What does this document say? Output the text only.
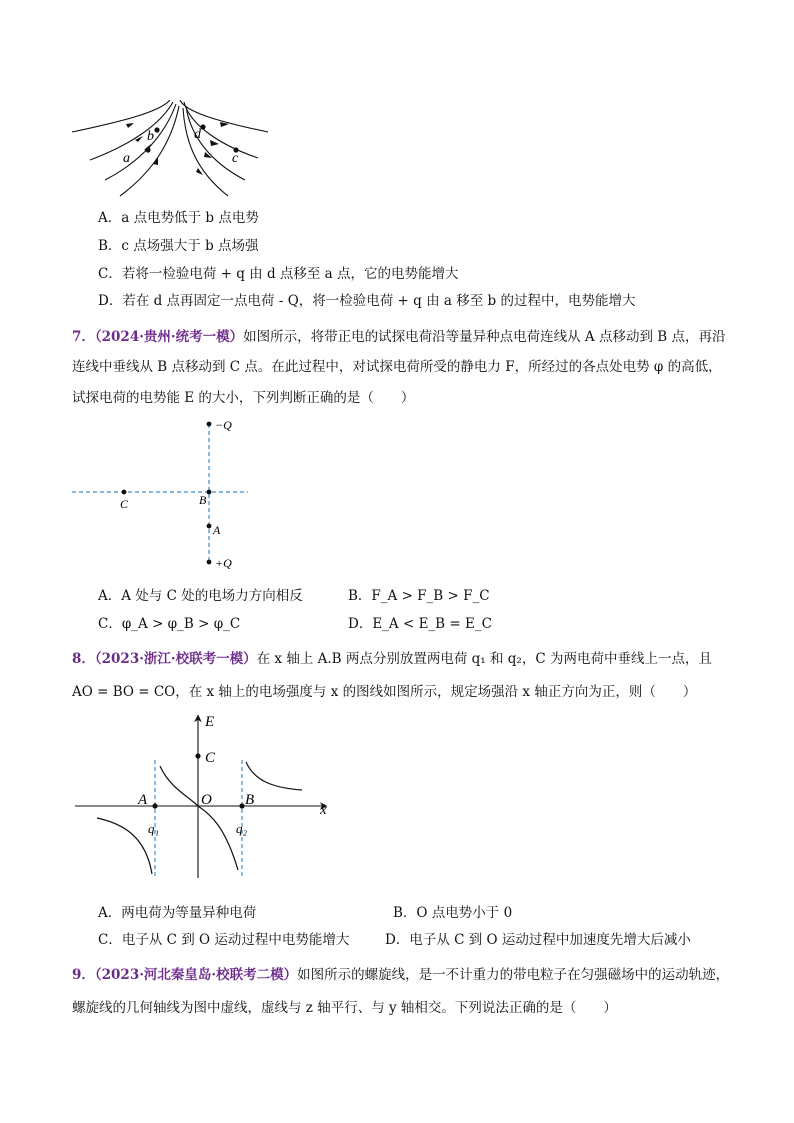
a
b	d
c
A．a 点电势低于 b 点电势
B．c 点场强大于 b 点场强
C．若将一检验电荷 + q 由 d 点移至 a 点，它的电势能增大
D．若在 d 点再固定一点电荷 - Q，将一检验电荷 + q 由 a 移至 b 的过程中，电势能增大
7．（2024·贵州·统考一模）如图所示，将带正电的试探电荷沿等量异种点电荷连线从 A 点移动到 B 点，再沿
连线中垂线从 B 点移动到 C 点。在此过程中，对试探电荷所受的静电力 F，所经过的各点处电势 φ 的高低，
试探电荷的电势能 E 的大小，下列判断正确的是（　　）
−Q
+Q
B
A
C
A．A 处与 C 处的电场力方向相反	B．F_A > F_B > F_C
C．φ_A > φ_B > φ_C	D．E_A < E_B = E_C
8．（2023·浙江·校联考一模）在 x 轴上 A.B 两点分别放置两电荷 q₁ 和 q₂，C 为两电荷中垂线上一点，且
AO = BO = CO，在 x 轴上的电场强度与 x 的图线如图所示，规定场强沿 x 轴正方向为正，则（　　）
E
C
A	O B
x
q₁	q₂
A．两电荷为等量异种电荷	B．O 点电势小于 0
C．电子从 C 到 O 运动过程中电势能增大	D．电子从 C 到 O 运动过程中加速度先增大后减小
9．（2023·河北秦皇岛·校联考二模）如图所示的螺旋线，是一不计重力的带电粒子在匀强磁场中的运动轨迹，
螺旋线的几何轴线为图中虚线，虚线与 z 轴平行、与 y 轴相交。下列说法正确的是（　　）
